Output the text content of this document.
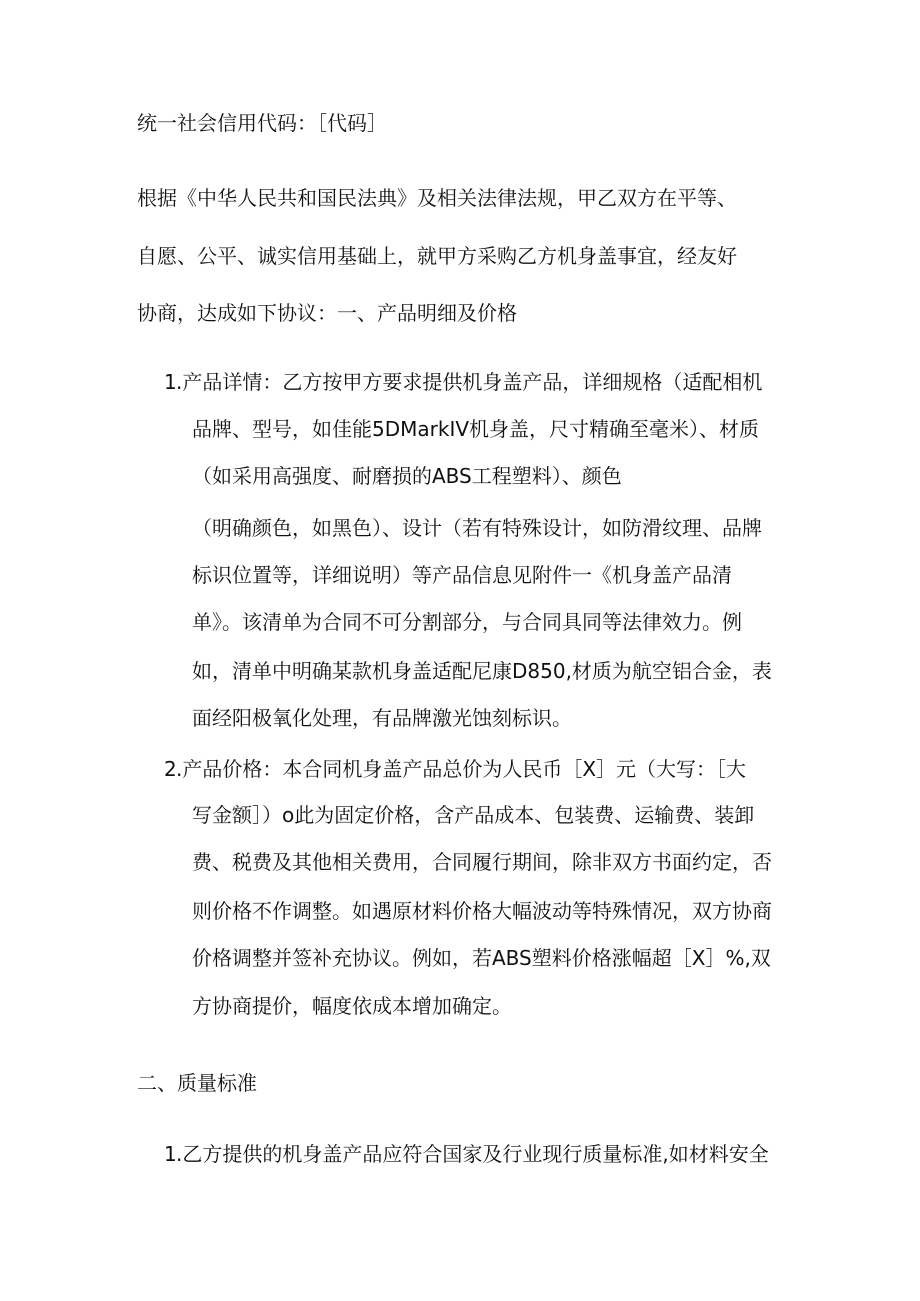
统一社会信用代码：［代码］
根据《中华人民共和国民法典》及相关法律法规，甲乙双方在平等、
自愿、公平、诚实信用基础上，就甲方采购乙方机身盖事宜，经友好
协商，达成如下协议：一、产品明细及价格
1 .产品详情：乙方按甲方要求提供机身盖产品，详细规格（适配相机
品牌、型号，如佳能5DMarkIV机身盖，尺寸精确至毫米）、材质
（如采用高强度、耐磨损的ABS工程塑料）、颜色
（明确颜色，如黑色）、设计（若有特殊设计，如防滑纹理、品牌
标识位置等，详细说明）等产品信息见附件一《机身盖产品清
单》。该清单为合同不可分割部分，与合同具同等法律效力。例
如，清单中明确某款机身盖适配尼康D850,材质为航空铝合金，表
面经阳极氧化处理，有品牌激光蚀刻标识。
2 .产品价格：本合同机身盖产品总价为人民币［X］元（大写：［大
写金额］）o此为固定价格，含产品成本、包装费、运输费、装卸
费、税费及其他相关费用，合同履行期间，除非双方书面约定，否
则价格不作调整。如遇原材料价格大幅波动等特殊情况，双方协商
价格调整并签补充协议。例如，若ABS塑料价格涨幅超［X］%,双
方协商提价，幅度依成本增加确定。
二、质量标准
1 .乙方提供的机身盖产品应符合国家及行业现行质量标准,如材料安全
